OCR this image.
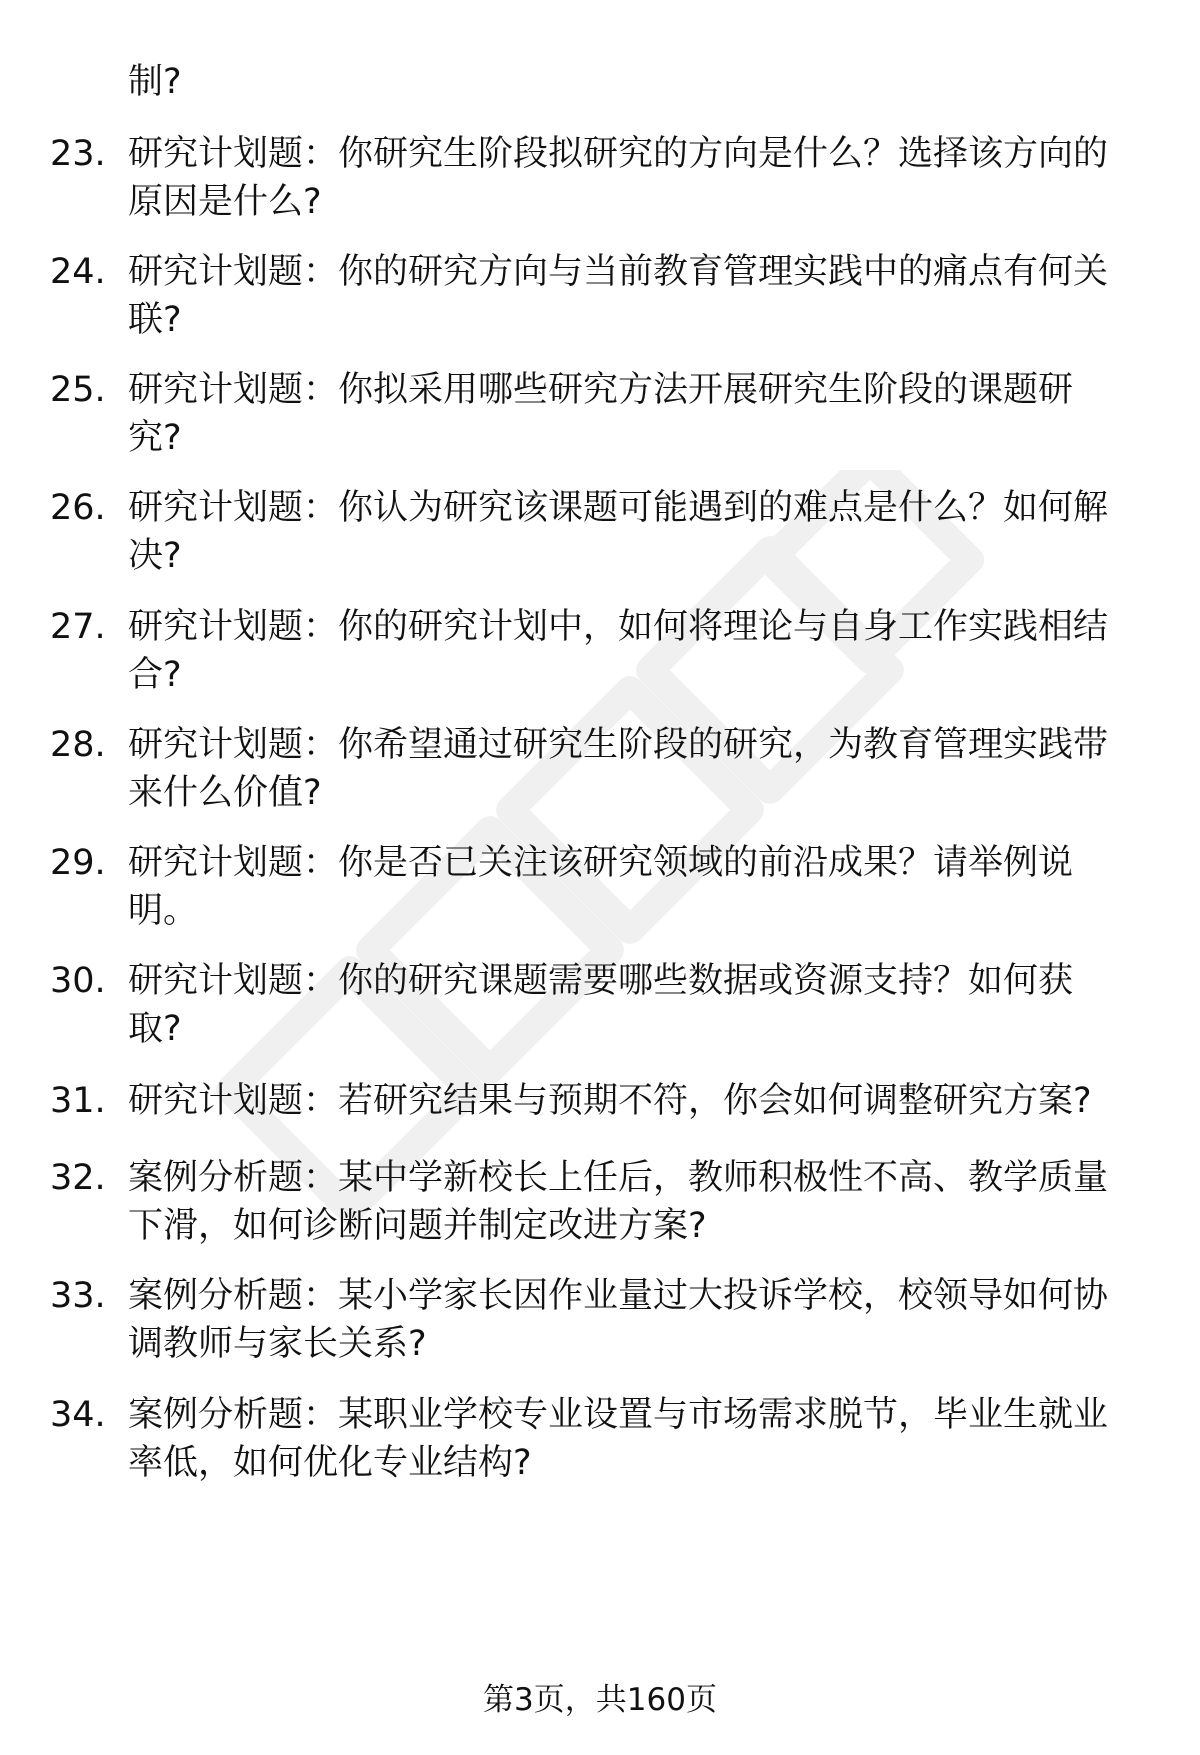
制?

23. 研究计划题：你研究生阶段拟研究的方向是什么？选择该方向的
原因是什么?

24. 研究计划题：你的研究方向与当前教育管理实践中的痛点有何关
联?

25. 研究计划题：你拟采用哪些研究方法开展研究生阶段的课题研
究?

26. 研究计划题：你认为研究该课题可能遇到的难点是什么？如何解
决?

27. 研究计划题：你的研究计划中，如何将理论与自身工作实践相结
合?

28. 研究计划题：你希望通过研究生阶段的研究，为教育管理实践带
来什么价值?

29. 研究计划题：你是否已关注该研究领域的前沿成果？请举例说
明。

30. 研究计划题：你的研究课题需要哪些数据或资源支持？如何获
取?

31. 研究计划题：若研究结果与预期不符，你会如何调整研究方案?

32. 案例分析题：某中学新校长上任后，教师积极性不高、教学质量
下滑，如何诊断问题并制定改进方案?

33. 案例分析题：某小学家长因作业量过大投诉学校，校领导如何协
调教师与家长关系?

34. 案例分析题：某职业学校专业设置与市场需求脱节，毕业生就业
率低，如何优化专业结构?

第3页，共160页
